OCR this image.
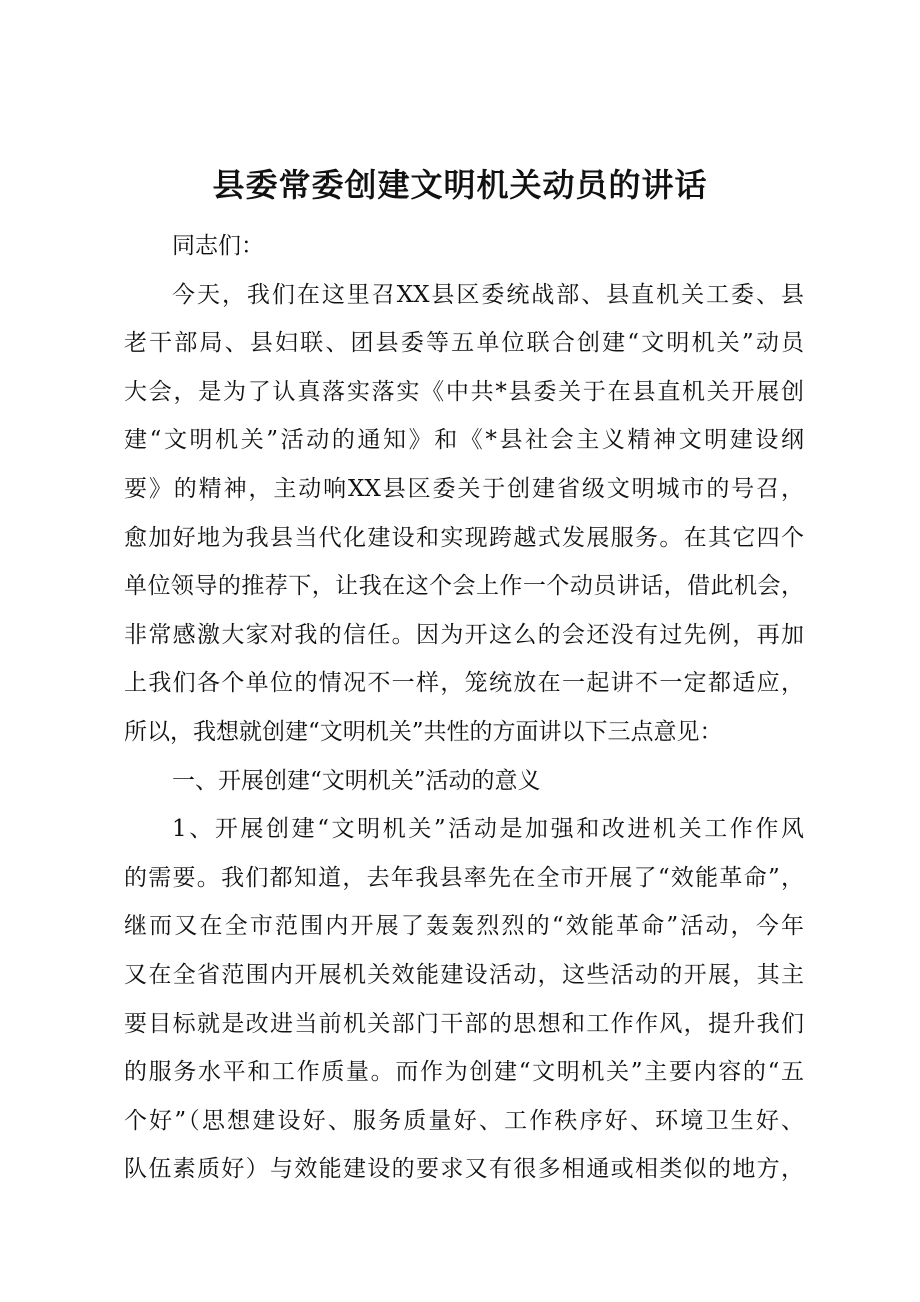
县委常委创建文明机关动员的讲话
同志们：
今天，我们在这里召XX县区委统战部、县直机关工委、县
老干部局、县妇联、团县委等五单位联合创建“文明机关”动员
大会，是为了认真落实落实《中共*县委关于在县直机关开展创
建“文明机关”活动的通知》和《*县社会主义精神文明建设纲
要》的精神，主动响XX县区委关于创建省级文明城市的号召，
愈加好地为我县当代化建设和实现跨越式发展服务。在其它四个
单位领导的推荐下，让我在这个会上作一个动员讲话，借此机会，
非常感激大家对我的信任。因为开这么的会还没有过先例，再加
上我们各个单位的情况不一样，笼统放在一起讲不一定都适应，
所以，我想就创建“文明机关”共性的方面讲以下三点意见：
一、开展创建“文明机关”活动的意义
1、开展创建“文明机关”活动是加强和改进机关工作作风
的需要。我们都知道，去年我县率先在全市开展了“效能革命”，
继而又在全市范围内开展了轰轰烈烈的“效能革命”活动，今年
又在全省范围内开展机关效能建设活动，这些活动的开展，其主
要目标就是改进当前机关部门干部的思想和工作作风，提升我们
的服务水平和工作质量。而作为创建“文明机关”主要内容的“五
个好”（思想建设好、服务质量好、工作秩序好、环境卫生好、
队伍素质好）与效能建设的要求又有很多相通或相类似的地方，
